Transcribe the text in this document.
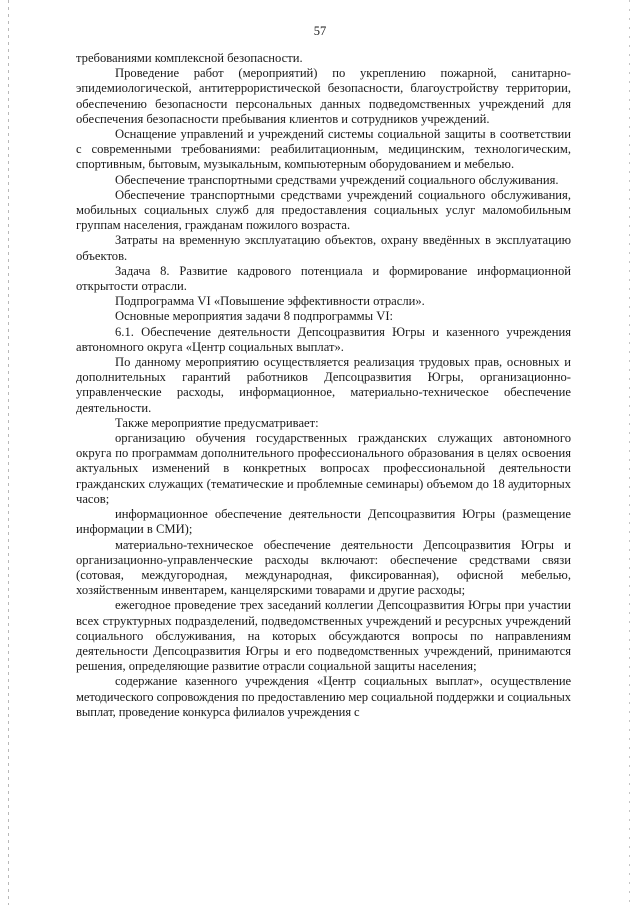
57

требованиями комплексной безопасности.

Проведение работ (мероприятий) по укреплению пожарной, санитарно-эпидемиологической, антитеррористической безопасности, благоустройству территории, обеспечению безопасности персональных данных подведомственных учреждений для обеспечения безопасности пребывания клиентов и сотрудников учреждений.

Оснащение управлений и учреждений системы социальной защиты в соответствии с современными требованиями: реабилитационным, медицинским, технологическим, спортивным, бытовым, музыкальным, компьютерным оборудованием и мебелью.

Обеспечение транспортными средствами учреждений социального обслуживания.

Обеспечение транспортными средствами учреждений социального обслуживания, мобильных социальных служб для предоставления социальных услуг маломобильным группам населения, гражданам пожилого возраста.

Затраты на временную эксплуатацию объектов, охрану введённых в эксплуатацию объектов.

Задача 8. Развитие кадрового потенциала и формирование информационной открытости отрасли.

Подпрограмма VI «Повышение эффективности отрасли».

Основные мероприятия задачи 8 подпрограммы VI:

6.1. Обеспечение деятельности Депсоцразвития Югры и казенного учреждения автономного округа «Центр социальных выплат».

По данному мероприятию осуществляется реализация трудовых прав, основных и дополнительных гарантий работников Депсоцразвития Югры, организационно-управленческие расходы, информационное, материально-техническое обеспечение деятельности.

Также мероприятие предусматривает:

организацию обучения государственных гражданских служащих автономного округа по программам дополнительного профессионального образования в целях освоения актуальных изменений в конкретных вопросах профессиональной деятельности гражданских служащих (тематические и проблемные семинары) объемом до 18 аудиторных часов;

информационное обеспечение деятельности Депсоцразвития Югры (размещение информации в СМИ);

материально-техническое обеспечение деятельности Депсоцразвития Югры и организационно-управленческие расходы включают: обеспечение средствами связи (сотовая, междугородная, международная, фиксированная), офисной мебелью, хозяйственным инвентарем, канцелярскими товарами и другие расходы;

ежегодное проведение трех заседаний коллегии Депсоцразвития Югры при участии всех структурных подразделений, подведомственных учреждений и ресурсных учреждений социального обслуживания, на которых обсуждаются вопросы по направлениям деятельности Депсоцразвития Югры и его подведомственных учреждений, принимаются решения, определяющие развитие отрасли социальной защиты населения;

содержание казенного учреждения «Центр социальных выплат», осуществление методического сопровождения по предоставлению мер социальной поддержки и социальных выплат, проведение конкурса филиалов учреждения с
